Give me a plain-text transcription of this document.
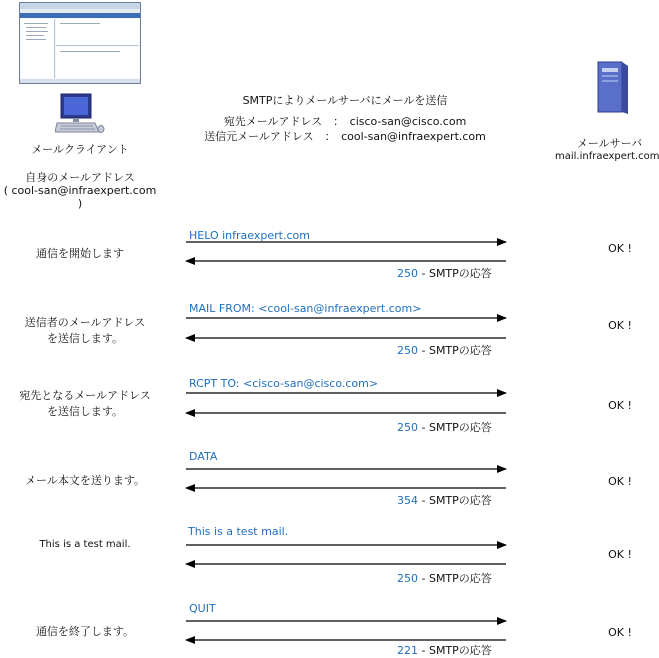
SMTPによりメールサーバにメールを送信
宛先メールアドレス　：　cisco-san@cisco.com
送信元メールアドレス　：　cool-san@infraexpert.com
メールクライアント
自身のメールアドレス
( cool-san@infraexpert.com )
メールサーバ
mail.infraexpert.com
通信を開始します
HELO infraexpert.com
250 - SMTPの応答
OK !
送信者のメールアドレス
を送信します。
MAIL FROM: <cool-san@infraexpert.com>
250 - SMTPの応答
OK !
宛先となるメールアドレス
を送信します。
RCPT TO: <cisco-san@cisco.com>
250 - SMTPの応答
OK !
メール本文を送ります。
DATA
354 - SMTPの応答
OK !
This is a test mail.
This is a test mail.
250 - SMTPの応答
OK !
通信を終了します。
QUIT
221 - SMTPの応答
OK !
